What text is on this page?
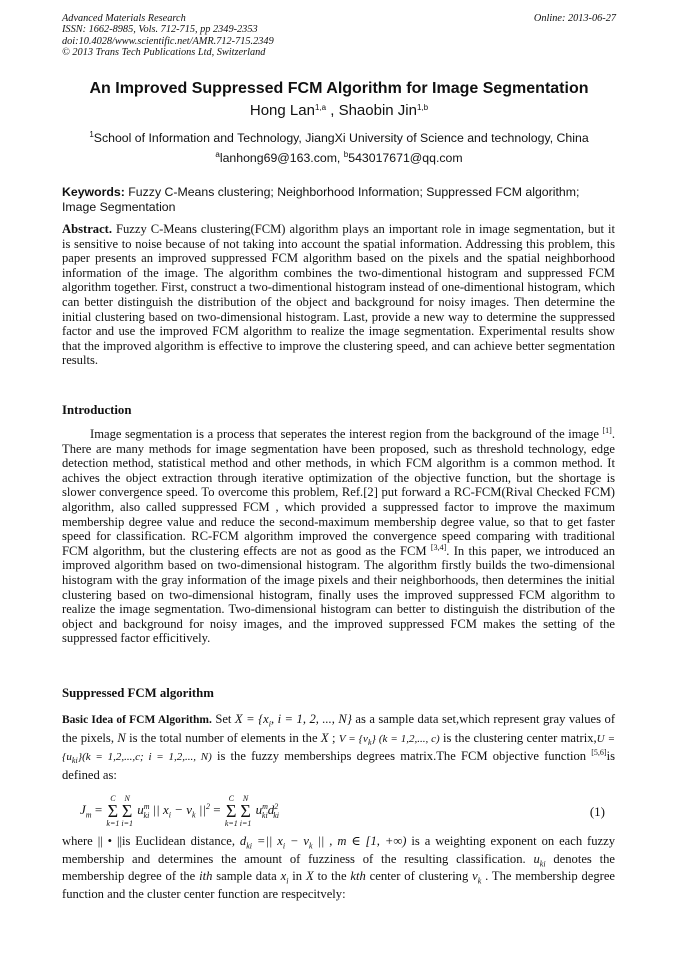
Advanced Materials Research
ISSN: 1662-8985, Vols. 712-715, pp 2349-2353
doi:10.4028/www.scientific.net/AMR.712-715.2349
© 2013 Trans Tech Publications Ltd, Switzerland
Online: 2013-06-27
An Improved Suppressed FCM Algorithm for Image Segmentation
Hong Lan$^{1,a}$ , Shaobin Jin$^{1,b}$
$^1$School of Information and Technology, JiangXi University of Science and technology, China
$^a$lanhong69@163.com, $^b$543017671@qq.com
Keywords: Fuzzy C-Means clustering; Neighborhood Information; Suppressed FCM algorithm; Image Segmentation
Abstract. Fuzzy C-Means clustering(FCM) algorithm plays an important role in image segmentation, but it is sensitive to noise because of not taking into account the spatial information. Addressing this problem, this paper presents an improved suppressed FCM algorithm based on the pixels and the spatial neighborhood information of the image. The algorithm combines the two-dimentional histogram and suppressed FCM algorithm together. First, construct a two-dimentional histogram instead of one-dimentional histogram, which can better distinguish the distribution of the object and background for noisy images. Then determine the initial clustering based on two-dimensional histogram. Last, provide a new way to determine the suppressed factor and use the improved FCM algorithm to realize the image segmentation. Experimental results show that the improved algorithm is effective to improve the clustering speed, and can achieve better segmentation results.
Introduction
Image segmentation is a process that seperates the interest region from the background of the image [1]. There are many methods for image segmentation have been proposed, such as threshold technology, edge detection method, statistical method and other methods, in which FCM algorithm is a common method. It achives the object extraction through iterative optimization of the objective function, but the shortage is slower convergence speed. To overcome this problem, Ref.[2] put forward a RC-FCM(Rival Checked FCM) algorithm, also called suppressed FCM , which provided a suppressed factor to improve the maximum membership degree value and reduce the second-maximum membership degree value, so that to get faster speed for classification. RC-FCM algorithm improved the convergence speed comparing with traditional FCM algorithm, but the clustering effects are not as good as the FCM [3,4]. In this paper, we introduced an improved algorithm based on two-dimensional histogram. The algorithm firstly builds the two-dimensional histogram with the gray information of the image pixels and their neighborhoods, then determines the initial clustering based on two-dimensional histogram, finally uses the improved suppressed FCM algorithm to realize the image segmentation. Two-dimensional histogram can better to distinguish the distribution of the object and background for noisy images, and the improved suppressed FCM makes the setting of the suppressed factor efficitively.
Suppressed FCM algorithm
Basic Idea of FCM Algorithm. Set $X = \{x_i$, i = 1, 2, ..., N} as a sample data set,which represent gray values of the pixels, N is the total number of elements in the X ; $V = \{v_k\} (k = 1,2$,..., c) is the clustering center matrix,U = $\{u_{ki}\}(k = 1,2,...,c$; i = 1,2,..., N) is the fuzzy memberships degrees matrix.The FCM objective function [5,6]is defined as:
$J_m = C$
Σ
k=1N
Σ
i=1 $u^m_{ki}$ || $x_i - v_k$ $||^2 = C$
Σ
k=1N
Σ
i=1 $u^m_{ki}d^2_{ki}$	(1)
where || • ||is Euclidean distance, $d_{ki}$ =|| $x_i - v_k$ || , m ∈ [1, +∞) is a weighting exponent on each fuzzy membership and determines the amount of fuzziness of the resulting classification. $u_{ki}$ denotes the membership degree of the ith sample data $x_i$ in X to the kth center of clustering $v_k$ . The membership degree function and the cluster center function are respecitvely:
